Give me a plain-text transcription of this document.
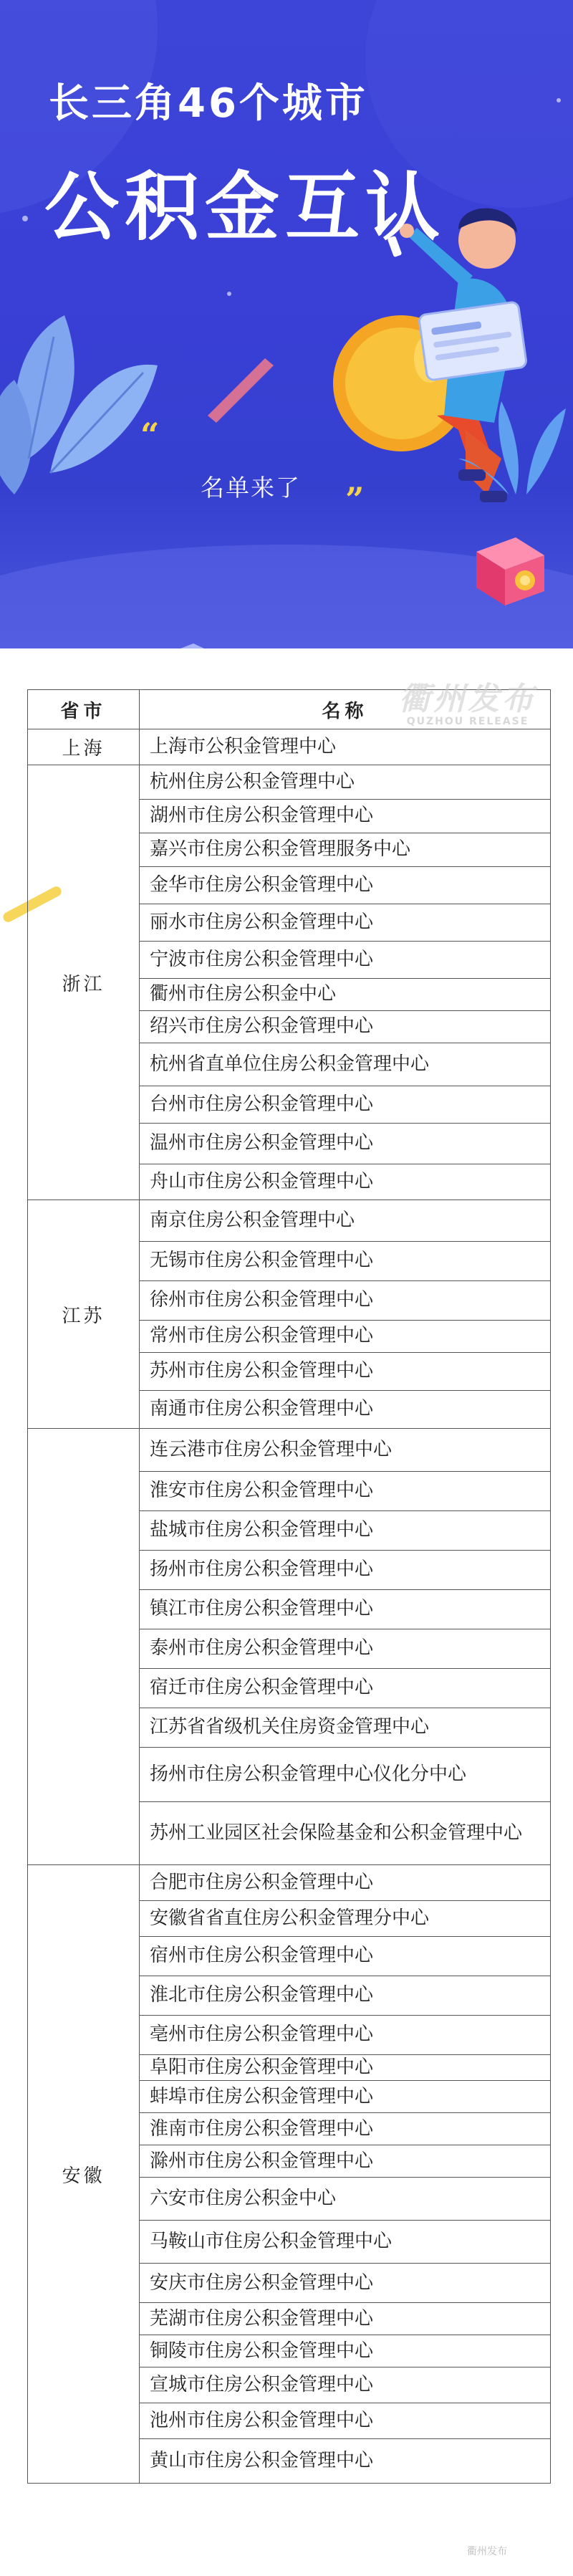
长三角46个城市
公积金互认
“
名单来了 ”
省市	名称
上海	上海市公积金管理中心
浙江	杭州住房公积金管理中心
	湖州市住房公积金管理中心
	嘉兴市住房公积金管理服务中心
	金华市住房公积金管理中心
	丽水市住房公积金管理中心
	宁波市住房公积金管理中心
	衢州市住房公积金中心
	绍兴市住房公积金管理中心
	杭州省直单位住房公积金管理中心
	台州市住房公积金管理中心
	温州市住房公积金管理中心
	舟山市住房公积金管理中心
江苏	南京住房公积金管理中心
	无锡市住房公积金管理中心
	徐州市住房公积金管理中心
	常州市住房公积金管理中心
	苏州市住房公积金管理中心
	南通市住房公积金管理中心
	连云港市住房公积金管理中心
	淮安市住房公积金管理中心
	盐城市住房公积金管理中心
	扬州市住房公积金管理中心
	镇江市住房公积金管理中心
	泰州市住房公积金管理中心
	宿迁市住房公积金管理中心
	江苏省省级机关住房资金管理中心
	扬州市住房公积金管理中心仪化分中心
	苏州工业园区社会保险基金和公积金管理中心
安徽	合肥市住房公积金管理中心
	安徽省省直住房公积金管理分中心
	宿州市住房公积金管理中心
	淮北市住房公积金管理中心
	亳州市住房公积金管理中心
	阜阳市住房公积金管理中心
	蚌埠市住房公积金管理中心
	淮南市住房公积金管理中心
	滁州市住房公积金管理中心
	六安市住房公积金中心
	马鞍山市住房公积金管理中心
	安庆市住房公积金管理中心
	芜湖市住房公积金管理中心
	铜陵市住房公积金管理中心
	宣城市住房公积金管理中心
	池州市住房公积金管理中心
	黄山市住房公积金管理中心
衢州发布
QUZHOU RELEASE
衢州发布
